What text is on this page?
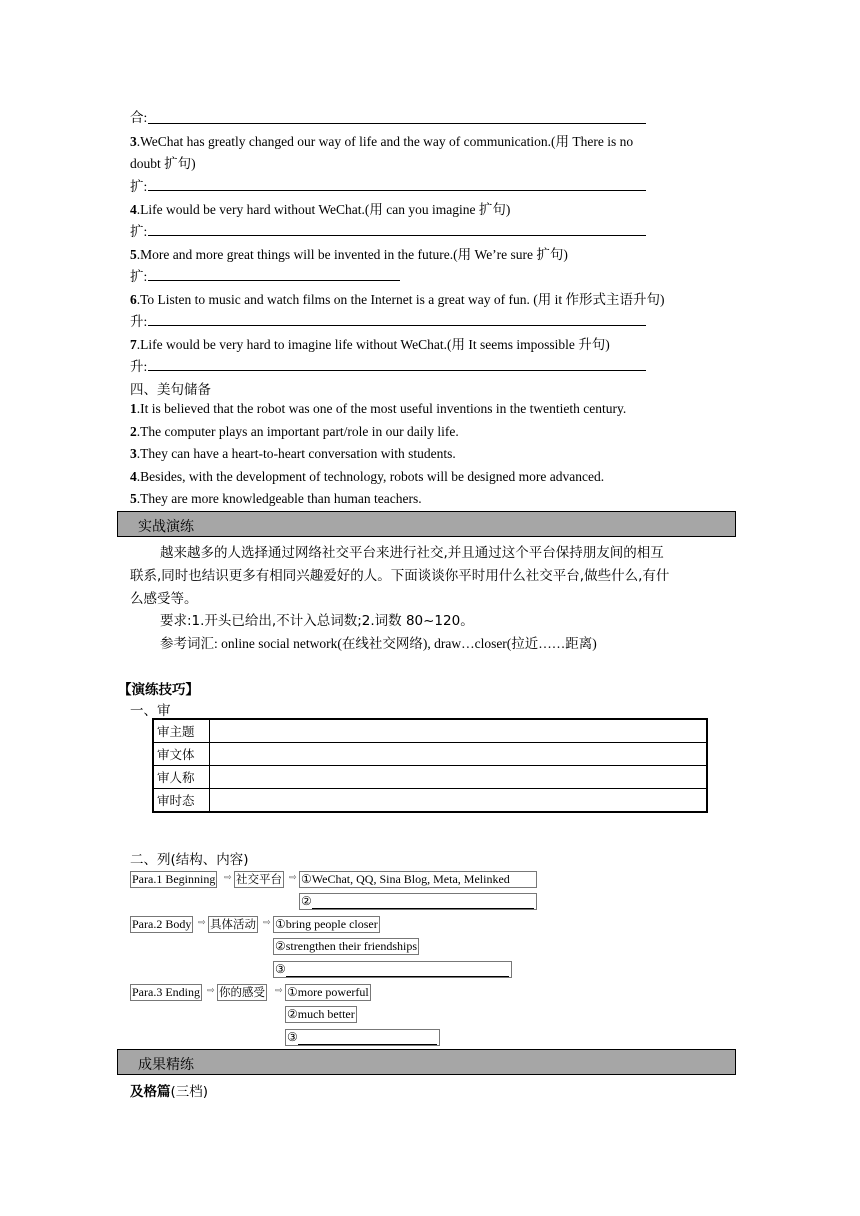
合:
3.WeChat has greatly changed our way of life and the way of communication.(用 There is no
doubt 扩句)
扩:
4.Life would be very hard without WeChat.(用 can you imagine 扩句)
扩:
5.More and more great things will be invented in the future.(用 We’re sure 扩句)
扩:
6.To Listen to music and watch films on the Internet is a great way of fun. (用 it 作形式主语升句)
升:
7.Life would be very hard to imagine life without WeChat.(用 It seems impossible 升句)
升:
四、美句储备
1.It is believed that the robot was one of the most useful inventions in the twentieth century.
2.The computer plays an important part/role in our daily life.
3.They can have a heart-to-heart conversation with students.
4.Besides, with the development of technology, robots will be designed more advanced.
5.They are more knowledgeable than human teachers.
实战演练
越来越多的人选择通过网络社交平台来进行社交,并且通过这个平台保持朋友间的相互
联系,同时也结识更多有相同兴趣爱好的人。下面谈谈你平时用什么社交平台,做些什么,有什
么感受等。
要求:1.开头已给出,不计入总词数;2.词数 80~120。
参考词汇: online social network(在线社交网络), draw…closer(拉近……距离)
【演练技巧】
一、审
审主题	
审文体	
审人称	
审时态	
二、列(结构、内容)
Para.1 Beginning ⇨ 社交平台 ⇨ ①WeChat, QQ, Sina Blog, Meta, Melinked
②
Para.2 Body ⇨ 具体活动 ⇨ ①bring people closer
②strengthen their friendships
③
Para.3 Ending ⇨ 你的感受 ⇨ ①more powerful
②much better
③
成果精练
及格篇(三档)
